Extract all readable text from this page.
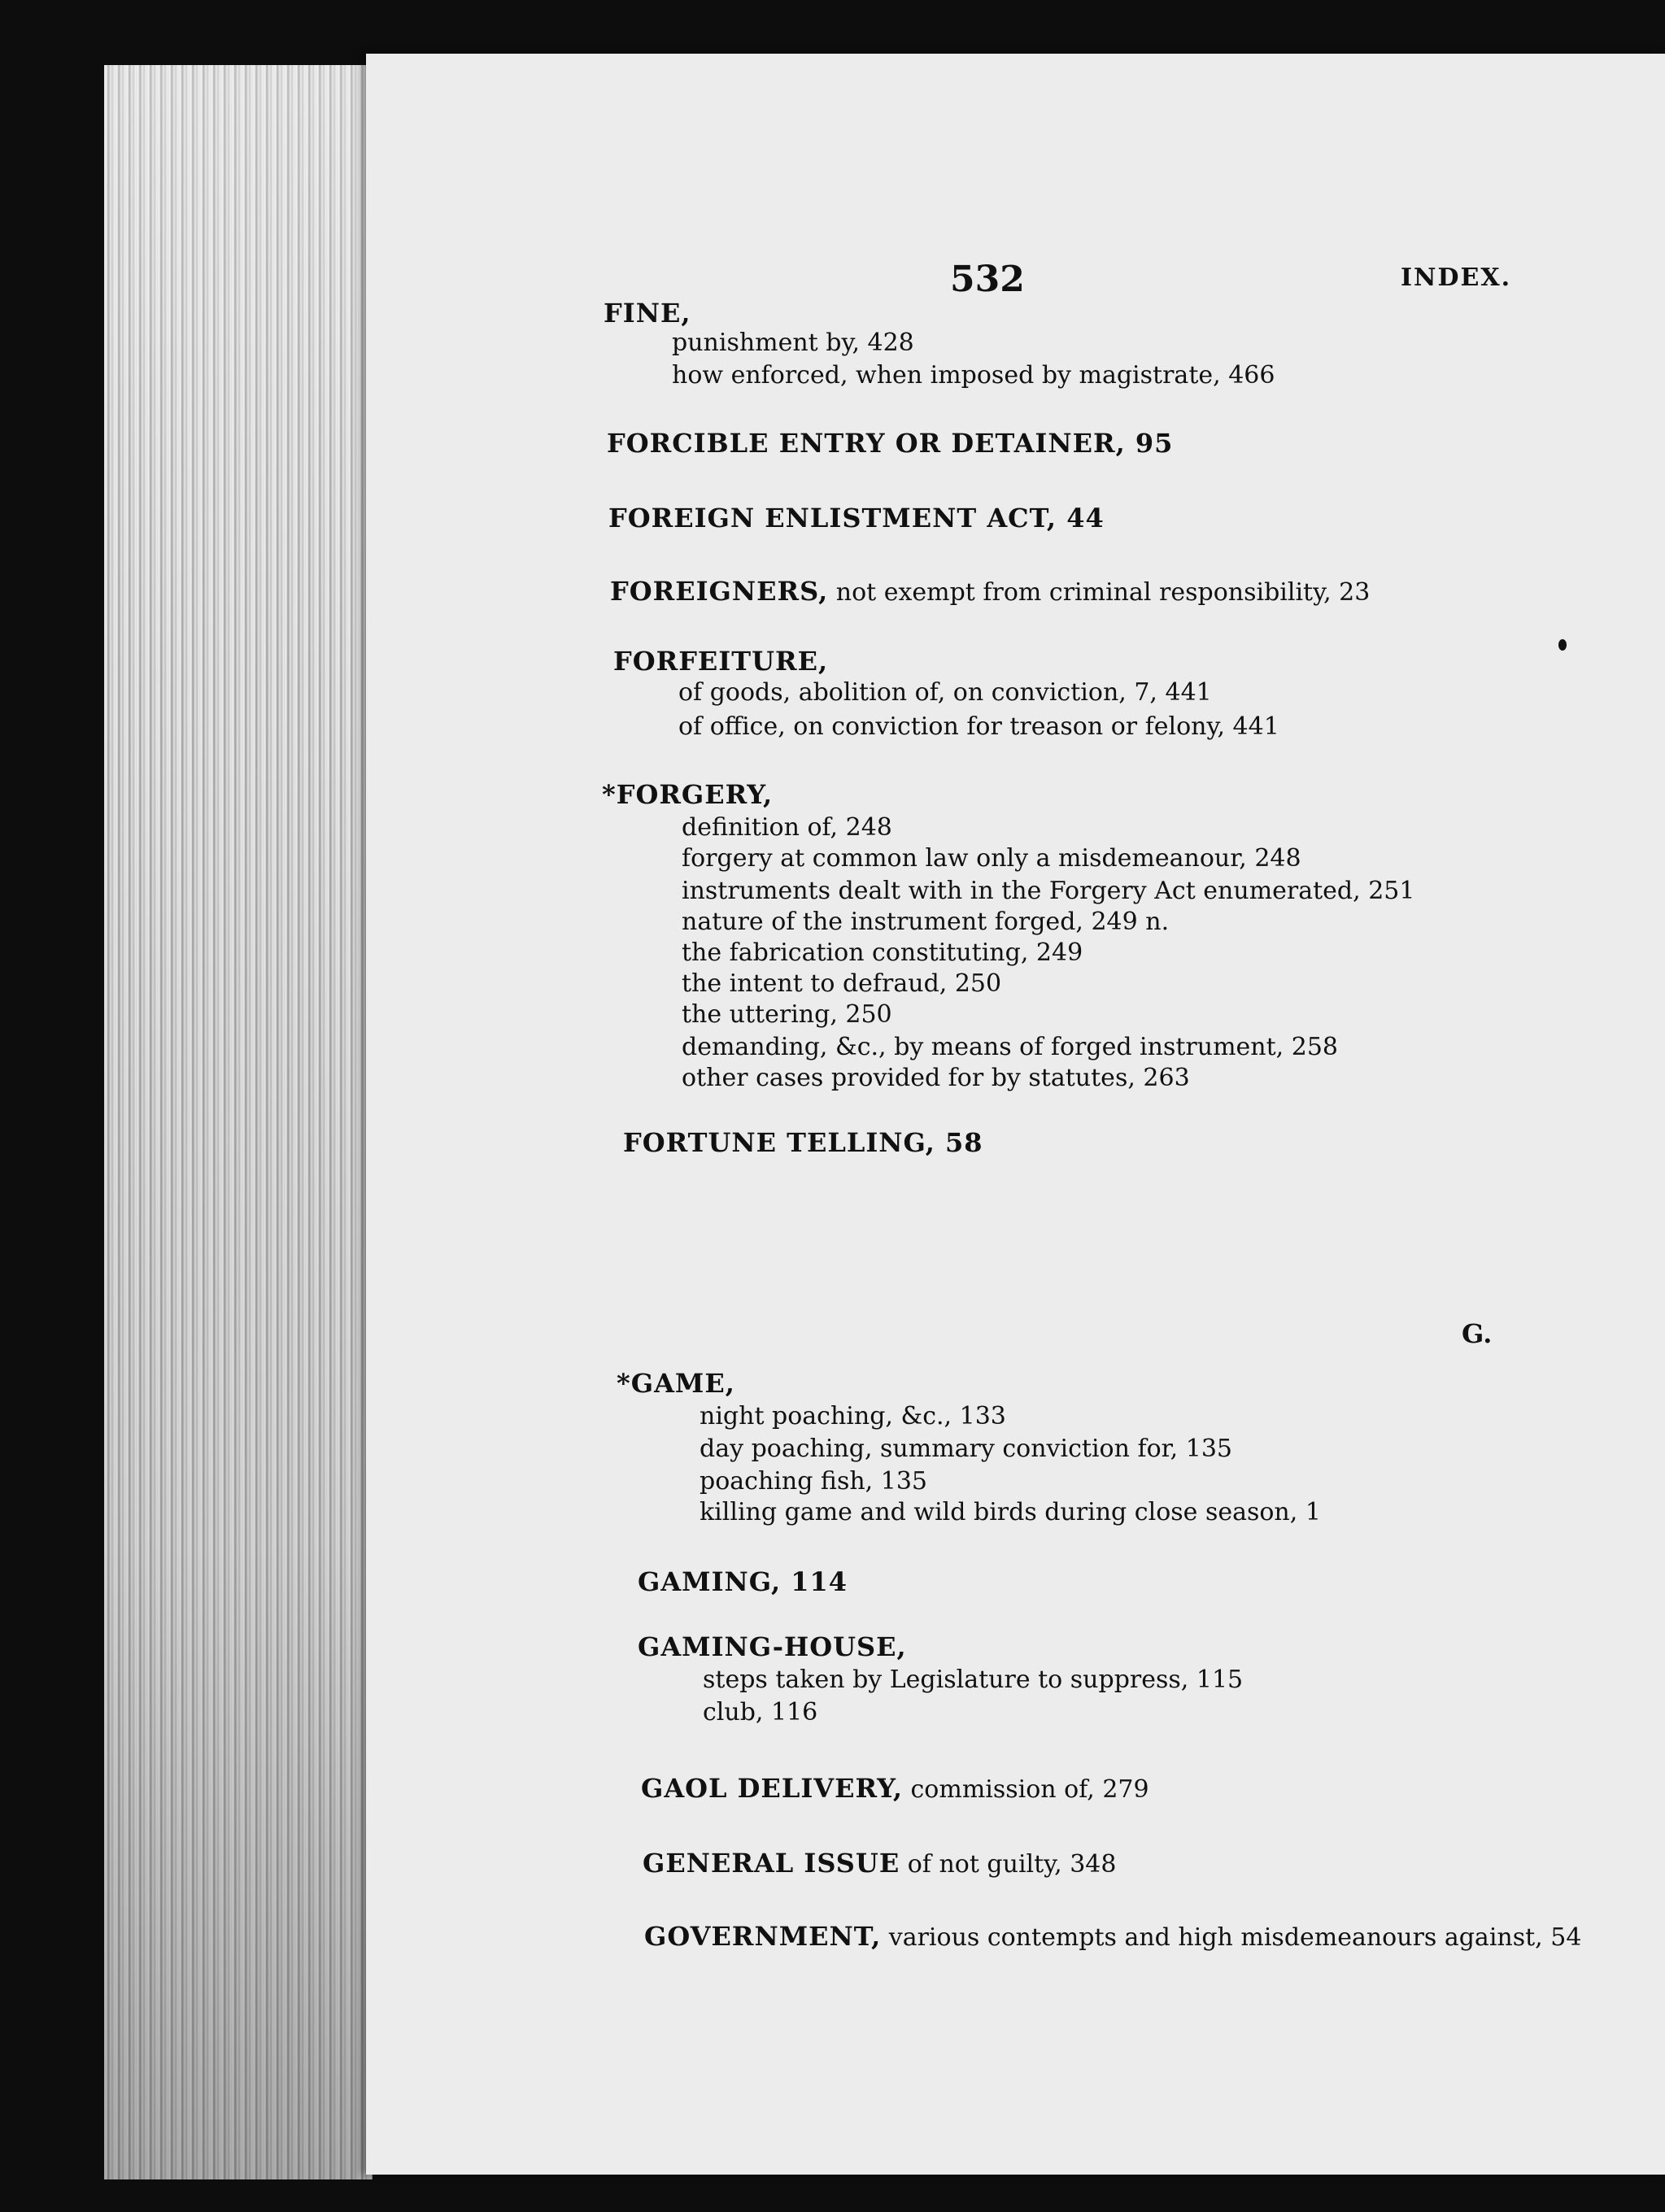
532	INDEX.
G.
FINE,
punishment by, 428
how enforced, when imposed by magistrate, 466
FORCIBLE ENTRY OR DETAINER, 95
FOREIGN ENLISTMENT ACT, 44
FOREIGNERS, not exempt from criminal responsibility, 23
FORFEITURE,
of goods, abolition of, on conviction, 7, 441
of office, on conviction for treason or felony, 441
*FORGERY,
definition of, 248
forgery at common law only a misdemeanour, 248
instruments dealt with in the Forgery Act enumerated, 251
nature of the instrument forged, 249 n.
the fabrication constituting, 249
the intent to defraud, 250
the uttering, 250
demanding, &c., by means of forged instrument, 258
other cases provided for by statutes, 263
FORTUNE TELLING, 58
*GAME,
night poaching, &c., 133
day poaching, summary conviction for, 135
poaching fish, 135
killing game and wild birds during close season, 1
GAMING, 114
GAMING-HOUSE,
steps taken by Legislature to suppress, 115
club, 116
GAOL DELIVERY, commission of, 279
GENERAL ISSUE of not guilty, 348
GOVERNMENT, various contempts and high misdemeanours against, 54
